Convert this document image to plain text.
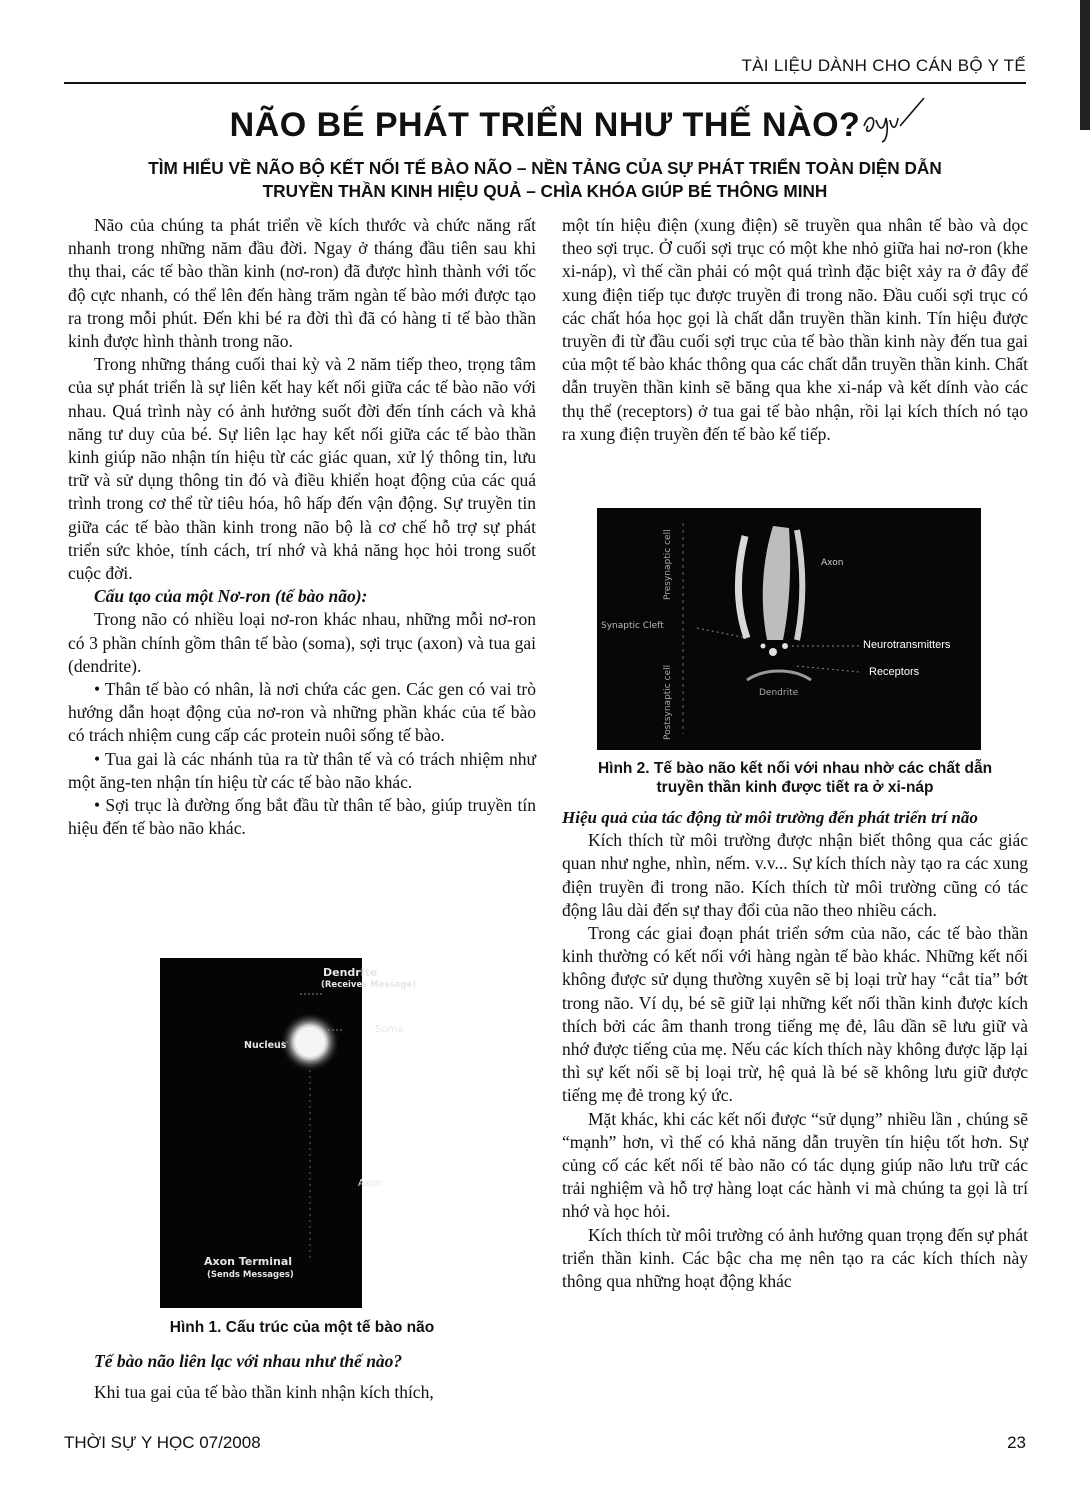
TÀI LIỆU DÀNH CHO CÁN BỘ Y TẾ
NÃO BÉ PHÁT TRIỂN NHƯ THẾ NÀO?
TÌM HIỂU VỀ NÃO BỘ KẾT NỐI TẾ BÀO NÃO – NỀN TẢNG CỦA SỰ PHÁT TRIỂN TOÀN DIỆN DẪN
TRUYỀN THẦN KINH HIỆU QUẢ – CHÌA KHÓA GIÚP BÉ THÔNG MINH

Não của chúng ta phát triển về kích thước và chức năng rất nhanh trong những năm đầu đời. Ngay ở tháng đầu tiên sau khi thụ thai, các tế bào thần kinh (nơ-ron) đã được hình thành với tốc độ cực nhanh, có thể lên đến hàng trăm ngàn tế bào mới được tạo ra trong mỗi phút. Đến khi bé ra đời thì đã có hàng tỉ tế bào thần kinh được hình thành trong não.

Trong những tháng cuối thai kỳ và 2 năm tiếp theo, trọng tâm của sự phát triển là sự liên kết hay kết nối giữa các tế bào não với nhau. Quá trình này có ảnh hưởng suốt đời đến tính cách và khả năng tư duy của bé. Sự liên lạc hay kết nối giữa các tế bào thần kinh giúp não nhận tín hiệu từ các giác quan, xử lý thông tin, lưu trữ và sử dụng thông tin đó và điều khiển hoạt động của các quá trình trong cơ thể từ tiêu hóa, hô hấp đến vận động. Sự truyền tin giữa các tế bào thần kinh trong não bộ là cơ chế hỗ trợ sự phát triển sức khỏe, tính cách, trí nhớ và khả năng học hỏi trong suốt cuộc đời.

Cấu tạo của một Nơ-ron (tế bào não):

Trong não có nhiều loại nơ-ron khác nhau, những mỗi nơ-ron có 3 phần chính gồm thân tế bào (soma), sợi trục (axon) và tua gai (dendrite).

• Thân tế bào có nhân, là nơi chứa các gen. Các gen có vai trò hướng dẫn hoạt động của nơ-ron và những phần khác của tế bào có trách nhiệm cung cấp các protein nuôi sống tế bào.

• Tua gai là các nhánh tủa ra từ thân tế và có trách nhiệm như một ăng-ten nhận tín hiệu từ các tế bào não khác.

• Sợi trục là đường ống bắt đầu từ thân tế bào, giúp truyền tín hiệu đến tế bào não khác.

Dendrite
(Receives Message)
Soma
Nucleus
Axon
Axon Terminal
(Sends Messages)
Hình 1. Cấu trúc của một tế bào não

Tế bào não liên lạc với nhau như thế nào?

Khi tua gai của tế bào thần kinh nhận kích thích,

một tín hiệu điện (xung điện) sẽ truyền qua nhân tế bào và dọc theo sợi trục. Ở cuối sợi trục có một khe nhỏ giữa hai nơ-ron (khe xi-náp), vì thế cần phải có một quá trình đặc biệt xảy ra ở đây để xung điện tiếp tục được truyền đi trong não. Đầu cuối sợi trục có các chất hóa học gọi là chất dẫn truyền thần kinh. Tín hiệu được truyền đi từ đầu cuối sợi trục của tế bào thần kinh này đến tua gai của một tế bào khác thông qua các chất dẫn truyền thần kinh. Chất dẫn truyền thần kinh sẽ băng qua khe xi-náp và kết dính vào các thụ thể (receptors) ở tua gai tế bào nhận, rồi lại kích thích nó tạo ra xung điện truyền đến tế bào kế tiếp.

Axon
Presynaptic cell
Synaptic Cleft
Neurotransmitters
Receptors
Postsynaptic cell	Dendrite
Hình 2. Tế bào não kết nối với nhau nhờ các chất dẫn
truyền thần kinh được tiết ra ở xi-náp

Hiệu quả của tác động từ môi trường đến phát triển trí não

Kích thích từ môi trường được nhận biết thông qua các giác quan như nghe, nhìn, nếm. v.v... Sự kích thích này tạo ra các xung điện truyền đi trong não. Kích thích từ môi trường cũng có tác động lâu dài đến sự thay đổi của não theo nhiều cách.

Trong các giai đoạn phát triển sớm của não, các tế bào thần kinh thường có kết nối với hàng ngàn tế bào khác. Những kết nối không được sử dụng thường xuyên sẽ bị loại trừ hay “cắt tỉa” bớt trong não. Ví dụ, bé sẽ giữ lại những kết nối thần kinh được kích thích bởi các âm thanh trong tiếng mẹ đẻ, lâu dần sẽ lưu giữ và nhớ được tiếng của mẹ. Nếu các kích thích này không được lặp lại thì sự kết nối sẽ bị loại trừ, hệ quả là bé sẽ không lưu giữ được tiếng mẹ đẻ trong ký ức.

Mặt khác, khi các kết nối được “sử dụng” nhiều lần , chúng sẽ “mạnh” hơn, vì thế có khả năng dẫn truyền tín hiệu tốt hơn. Sự củng cố các kết nối tế bào não có tác dụng giúp não lưu trữ các trải nghiệm và hỗ trợ hàng loạt các hành vi mà chúng ta gọi là trí nhớ và học hỏi.

Kích thích từ môi trường có ảnh hưởng quan trọng đến sự phát triển thần kinh. Các bậc cha mẹ nên tạo ra các kích thích này thông qua những hoạt động khác

THỜI SỰ Y HỌC 07/2008	23
